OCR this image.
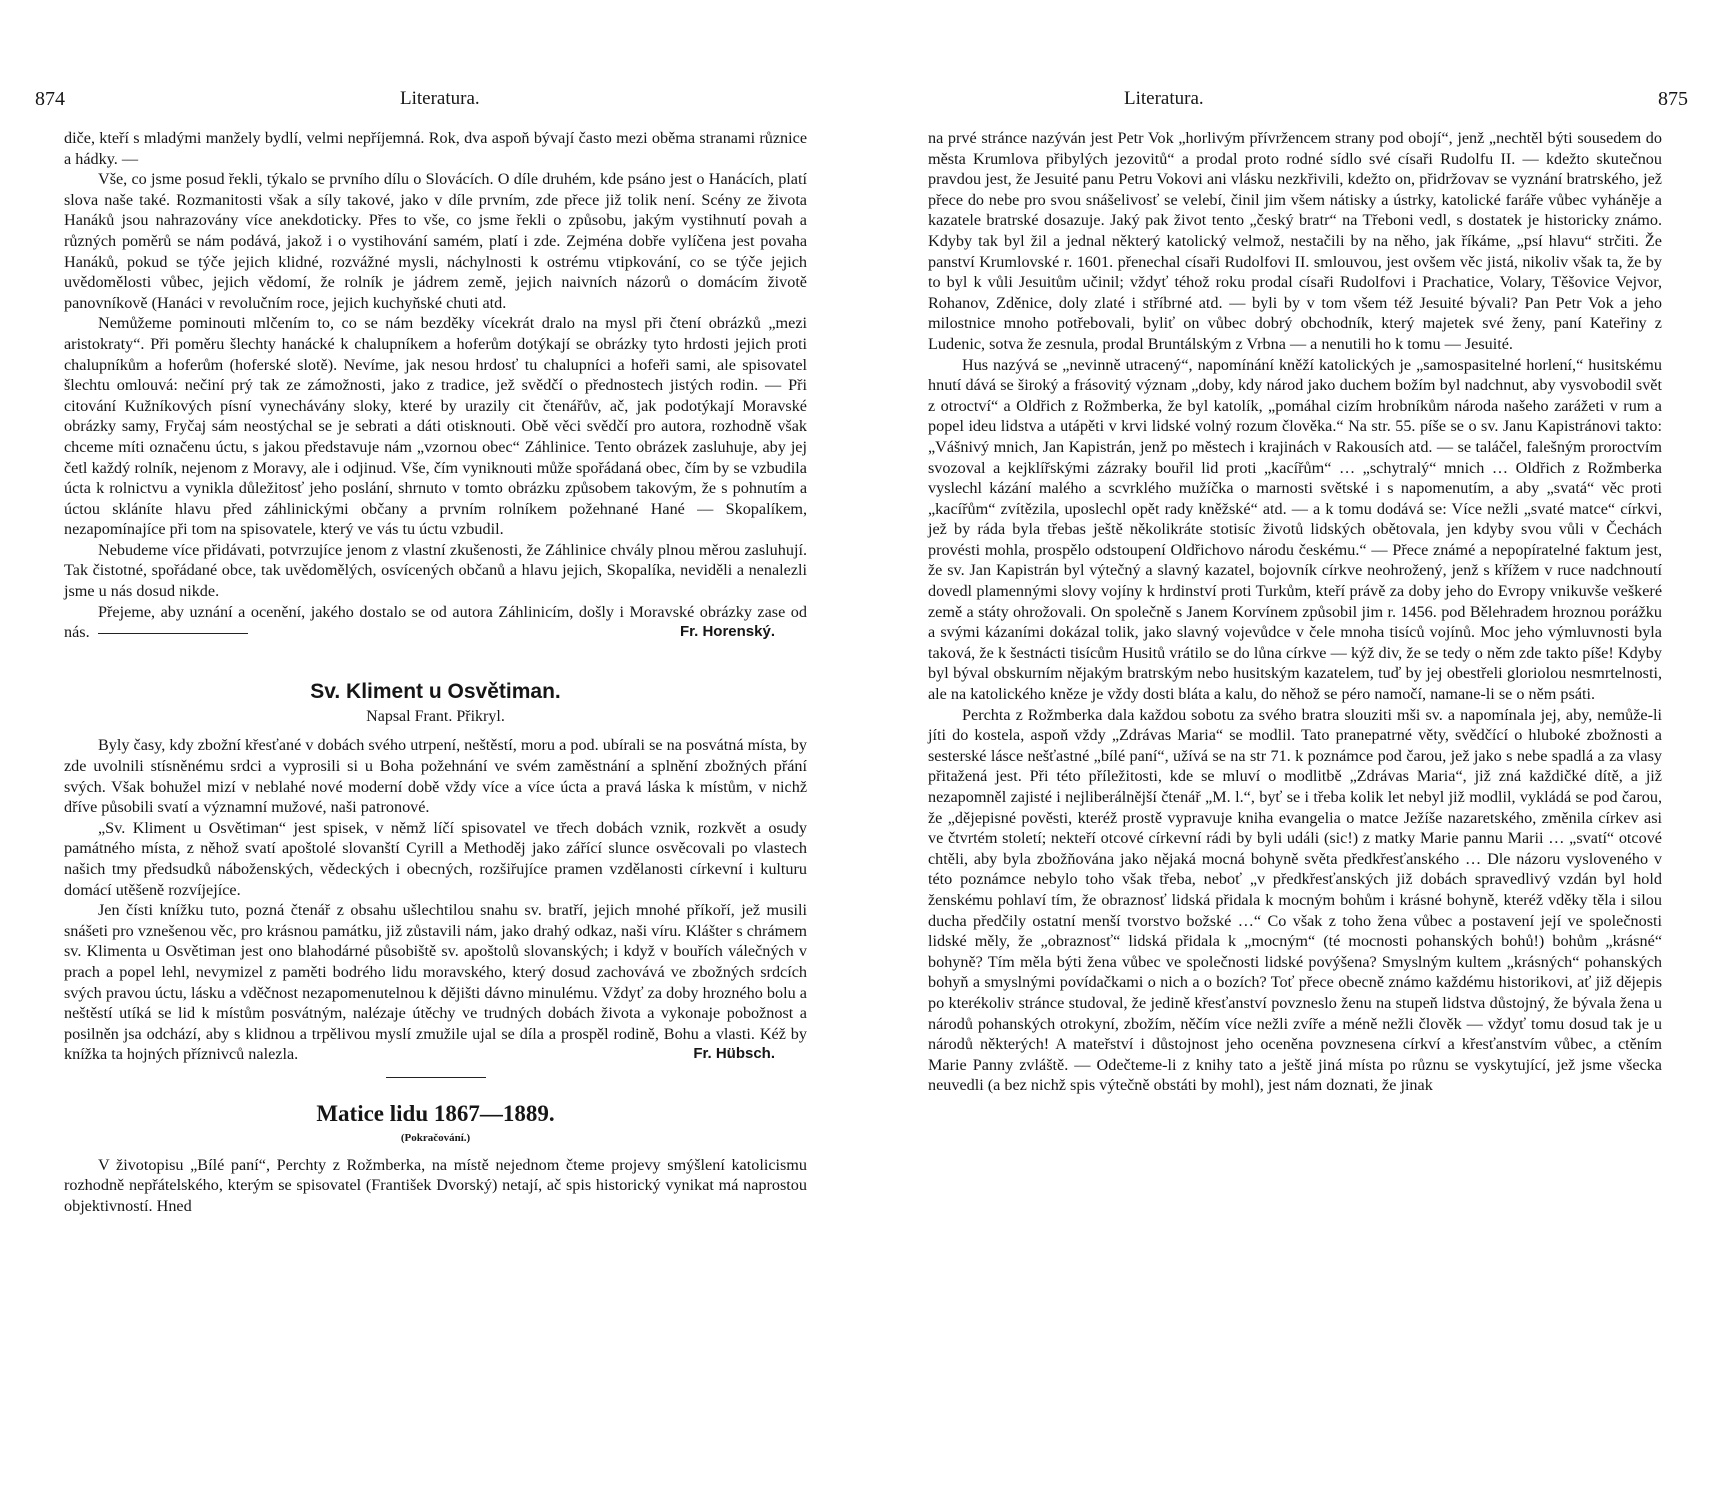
874	Literatura.

diče, kteří s mladými manžely bydlí, velmi nepříjemná. Rok, dva aspoň bývají často mezi oběma stranami různice a hádky. —

Vše, co jsme posud řekli, týkalo se prvního dílu o Slovácích. O díle druhém, kde psáno jest o Hanácích, platí slova naše také. Rozmanitosti však a síly takové, jako v díle prvním, zde přece již tolik není. Scény ze života Hanáků jsou nahrazovány více anekdoticky. Přes to vše, co jsme řekli o způsobu, jakým vystihnutí povah a různých poměrů se nám podává, jakož i o vystihování samém, platí i zde. Zejména dobře vylíčena jest povaha Hanáků, pokud se týče jejich klidné, rozvážné mysli, náchylnosti k ostrému vtipkování, co se týče jejich uvědomělosti vůbec, jejich vědomí, že rolník je jádrem země, jejich naivních názorů o domácím životě panovníkově (Hanáci v revolučním roce, jejich kuchyňské chuti atd.

Nemůžeme pominouti mlčením to, co se nám bezděky vícekrát dralo na mysl při čtení obrázků „mezi aristokraty“. Při poměru šlechty hanácké k chalupníkem a hoferům dotýkají se obrázky tyto hrdosti jejich proti chalupníkům a hoferům (hoferské slotě). Nevíme, jak nesou hrdosť tu chalupníci a hofeři sami, ale spisovatel šlechtu omlouvá: nečiní prý tak ze zámožnosti, jako z tradice, jež svědčí o přednostech jistých rodin. — Při citování Kužníkových písní vynechávány sloky, které by urazily cit čtenářův, ač, jak podotýkají Moravské obrázky samy, Fryčaj sám neostýchal se je sebrati a dáti otisknouti. Obě věci svědčí pro autora, rozhodně však chceme míti označenu úctu, s jakou představuje nám „vzornou obec“ Záhlinice. Tento obrázek zasluhuje, aby jej četl každý rolník, nejenom z Moravy, ale i odjinud. Vše, čím vyniknouti může spořádaná obec, čím by se vzbudila úcta k rolnictvu a vynikla důležitosť jeho poslání, shrnuto v tomto obrázku způsobem takovým, že s pohnutím a úctou skláníte hlavu před záhlinickými občany a prvním rolníkem požehnané Hané — Skopalíkem, nezapomínajíce při tom na spisovatele, který ve vás tu úctu vzbudil.

Nebudeme více přidávati, potvrzujíce jenom z vlastní zkušenosti, že Záhlinice chvály plnou měrou zasluhují. Tak čistotné, spořádané obce, tak uvědomělých, osvícených občanů a hlavu jejich, Skopalíka, neviděli a nenalezli jsme u nás dosud nikde.

Přejeme, aby uznání a ocenění, jakého dostalo se od autora Záhlinicím, došly i Moravské obrázky zase od nás.	Fr. Horenský.

Sv. Kliment u Osvětiman.
Napsal Frant. Přikryl.

Byly časy, kdy zbožní křesťané v dobách svého utrpení, neštěstí, moru a pod. ubírali se na posvátná místa, by zde uvolnili stísněnému srdci a vyprosili si u Boha požehnání ve svém zaměstnání a splnění zbožných přání svých. Však bohužel mizí v neblahé nové moderní době vždy více a více úcta a pravá láska k místům, v nichž dříve působili svatí a významní mužové, naši patronové.

„Sv. Kliment u Osvětiman“ jest spisek, v němž líčí spisovatel ve třech dobách vznik, rozkvět a osudy památného místa, z něhož svatí apoštolé slovanští Cyrill a Methoděj jako zářící slunce osvěcovali po vlastech našich tmy předsudků náboženských, vědeckých i obecných, rozšiřujíce pramen vzdělanosti církevní i kulturu domácí utěšeně rozvíjejíce.

Jen čísti knížku tuto, pozná čtenář z obsahu ušlechtilou snahu sv. bratří, jejich mnohé příkoří, jež musili snášeti pro vznešenou věc, pro krásnou památku, již zůstavili nám, jako drahý odkaz, naši víru. Klášter s chrámem sv. Klimenta u Osvětiman jest ono blahodárné působiště sv. apoštolů slovanských; i když v bouřích válečných v prach a popel lehl, nevymizel z paměti bodrého lidu moravského, který dosud zachovává ve zbožných srdcích svých pravou úctu, lásku a vděčnost nezapomenutelnou k dějišti dávno minulému. Vždyť za doby hrozného bolu a neštěstí utíká se lid k místům posvátným, nalézaje útěchy ve trudných dobách života a vykonaje pobožnost a posilněn jsa odchází, aby s klidnou a trpělivou myslí zmužile ujal se díla a prospěl rodině, Bohu a vlasti. Kéž by knížka ta hojných příznivců nalezla.	Fr. Hübsch.

Matice lidu 1867—1889.
(Pokračování.)

V životopisu „Bílé paní“, Perchty z Rožmberka, na místě nejednom čteme projevy smýšlení katolicismu rozhodně nepřátelského, kterým se spisovatel (František Dvorský) netají, ač spis historický vynikat má naprostou objektivností. Hned

Literatura.	875

na prvé stránce nazýván jest Petr Vok „horlivým přívržencem strany pod obojí“, jenž „nechtěl býti sousedem do města Krumlova přibylých jezovitů“ a prodal proto rodné sídlo své císaři Rudolfu II. — kdežto skutečnou pravdou jest, že Jesuité panu Petru Vokovi ani vlásku nezkřivili, kdežto on, přidržovav se vyznání bratrského, jež přece do nebe pro svou snášelivosť se velebí, činil jim všem nátisky a ústrky, katolické faráře vůbec vyháněje a kazatele bratrské dosazuje. Jaký pak život tento „český bratr“ na Třeboni vedl, s dostatek je historicky známo. Kdyby tak byl žil a jednal některý katolický velmož, nestačili by na něho, jak říkáme, „psí hlavu“ strčiti. Že panství Krumlovské r. 1601. přenechal císaři Rudolfovi II. smlouvou, jest ovšem věc jistá, nikoliv však ta, že by to byl k vůli Jesuitům učinil; vždyť téhož roku prodal císaři Rudolfovi i Prachatice, Volary, Těšovice Vejvor, Rohanov, Zděnice, doly zlaté i stříbrné atd. — byli by v tom všem též Jesuité bývali? Pan Petr Vok a jeho milostnice mnoho potřebovali, byliť on vůbec dobrý obchodník, který majetek své ženy, paní Kateřiny z Ludenic, sotva že zesnula, prodal Bruntálským z Vrbna — a nenutili ho k tomu — Jesuité.

Hus nazývá se „nevinně utracený“, napomínání kněží katolických je „samospasitelné horlení,“ husitskému hnutí dává se široký a frásovitý význam „doby, kdy národ jako duchem božím byl nadchnut, aby vysvobodil svět z otroctví“ a Oldřich z Rožmberka, že byl katolík, „pomáhal cizím hrobníkům národa našeho zarážeti v rum a popel ideu lidstva a utápěti v krvi lidské volný rozum člověka.“ Na str. 55. píše se o sv. Janu Kapistránovi takto: „Vášnivý mnich, Jan Kapistrán, jenž po městech i krajinách v Rakousích atd. — se taláčel, falešným proroctvím svozoval a kejklířskými zázraky bouřil lid proti „kacířům“ … „schytralý“ mnich … Oldřich z Rožmberka vyslechl kázání malého a scvrklého mužíčka o marnosti světské i s napomenutím, a aby „svatá“ věc proti „kacířům“ zvítězila, uposlechl opět rady kněžské“ atd. — a k tomu dodává se: Více nežli „svaté matce“ církvi, jež by ráda byla třebas ještě několikráte stotisíc životů lidských obětovala, jen kdyby svou vůli v Čechách provésti mohla, prospělo odstoupení Oldřichovo národu českému.“ — Přece známé a nepopíratelné faktum jest, že sv. Jan Kapistrán byl výtečný a slavný kazatel, bojovník církve neohrožený, jenž s křížem v ruce nadchnoutí dovedl plamennými slovy vojíny k hrdinství proti Turkům, kteří právě za doby jeho do Evropy vnikuvše veškeré země a státy ohrožovali. On společně s Janem Korvínem způsobil jim r. 1456. pod Bělehradem hroznou porážku a svými kázaními dokázal tolik, jako slavný vojevůdce v čele mnoha tisíců vojínů. Moc jeho výmluvnosti byla taková, že k šestnácti tisícům Husitů vrátilo se do lůna církve — kýž div, že se tedy o něm zde takto píše! Kdyby byl býval obskurním nějakým bratrským nebo husitským kazatelem, tuď by jej obestřeli gloriolou nesmrtelnosti, ale na katolického kněze je vždy dosti bláta a kalu, do něhož se péro namočí, namane-li se o něm psáti.

Perchta z Rožmberka dala každou sobotu za svého bratra slouziti mši sv. a napomínala jej, aby, nemůže-li jíti do kostela, aspoň vždy „Zdrávas Maria“ se modlil. Tato pranepatrné věty, svědčící o hluboké zbožnosti a sesterské lásce nešťastné „bílé paní“, užívá se na str 71. k poznámce pod čarou, jež jako s nebe spadlá a za vlasy přitažená jest. Při této příležitosti, kde se mluví o modlitbě „Zdrávas Maria“, již zná každičké dítě, a již nezapomněl zajisté i nejliberálnější čtenář „M. l.“, byť se i třeba kolik let nebyl již modlil, vykládá se pod čarou, že „dějepisné pověsti, kteréž prostě vypravuje kniha evangelia o matce Ježíše nazaretského, změnila církev asi ve čtvrtém století; nekteří otcové církevní rádi by byli událi (sic!) z matky Marie pannu Marii … „svatí“ otcové chtěli, aby byla zbožňována jako nějaká mocná bohyně světa předkřesťanského … Dle názoru vysloveného v této poznámce nebylo toho však třeba, neboť „v předkřesťanských již dobách spravedlivý vzdán byl hold ženskému pohlaví tím, že obraznosť lidská přidala k mocným bohům i krásné bohyně, kteréž vděky těla i silou ducha předčily ostatní menší tvorstvo božské …“ Co však z toho žena vůbec a postavení její ve společnosti lidské měly, že „obraznosť“ lidská přidala k „mocným“ (té mocnosti pohanských bohů!) bohům „krásné“ bohyně? Tím měla býti žena vůbec ve společnosti lidské povýšena? Smyslným kultem „krásných“ pohanských bohyň a smyslnými povídačkami o nich a o bozích? Toť přece obecně známo každému historikovi, ať již dějepis po kterékoliv stránce studoval, že jedině křesťanství povzneslo ženu na stupeň lidstva důstojný, že bývala žena u národů pohanských otrokyní, zbožím, něčím více nežli zvíře a méně nežli člověk — vždyť tomu dosud tak je u národů některých! A mateřství i důstojnost jeho oceněna povznesena církví a křesťanstvím vůbec, a ctěním Marie Panny zvláště. — Odečteme-li z knihy tato a ještě jiná místa po různu se vyskytující, jež jsme všecka neuvedli (a bez nichž spis výtečně obstáti by mohl), jest nám doznati, že jinak
